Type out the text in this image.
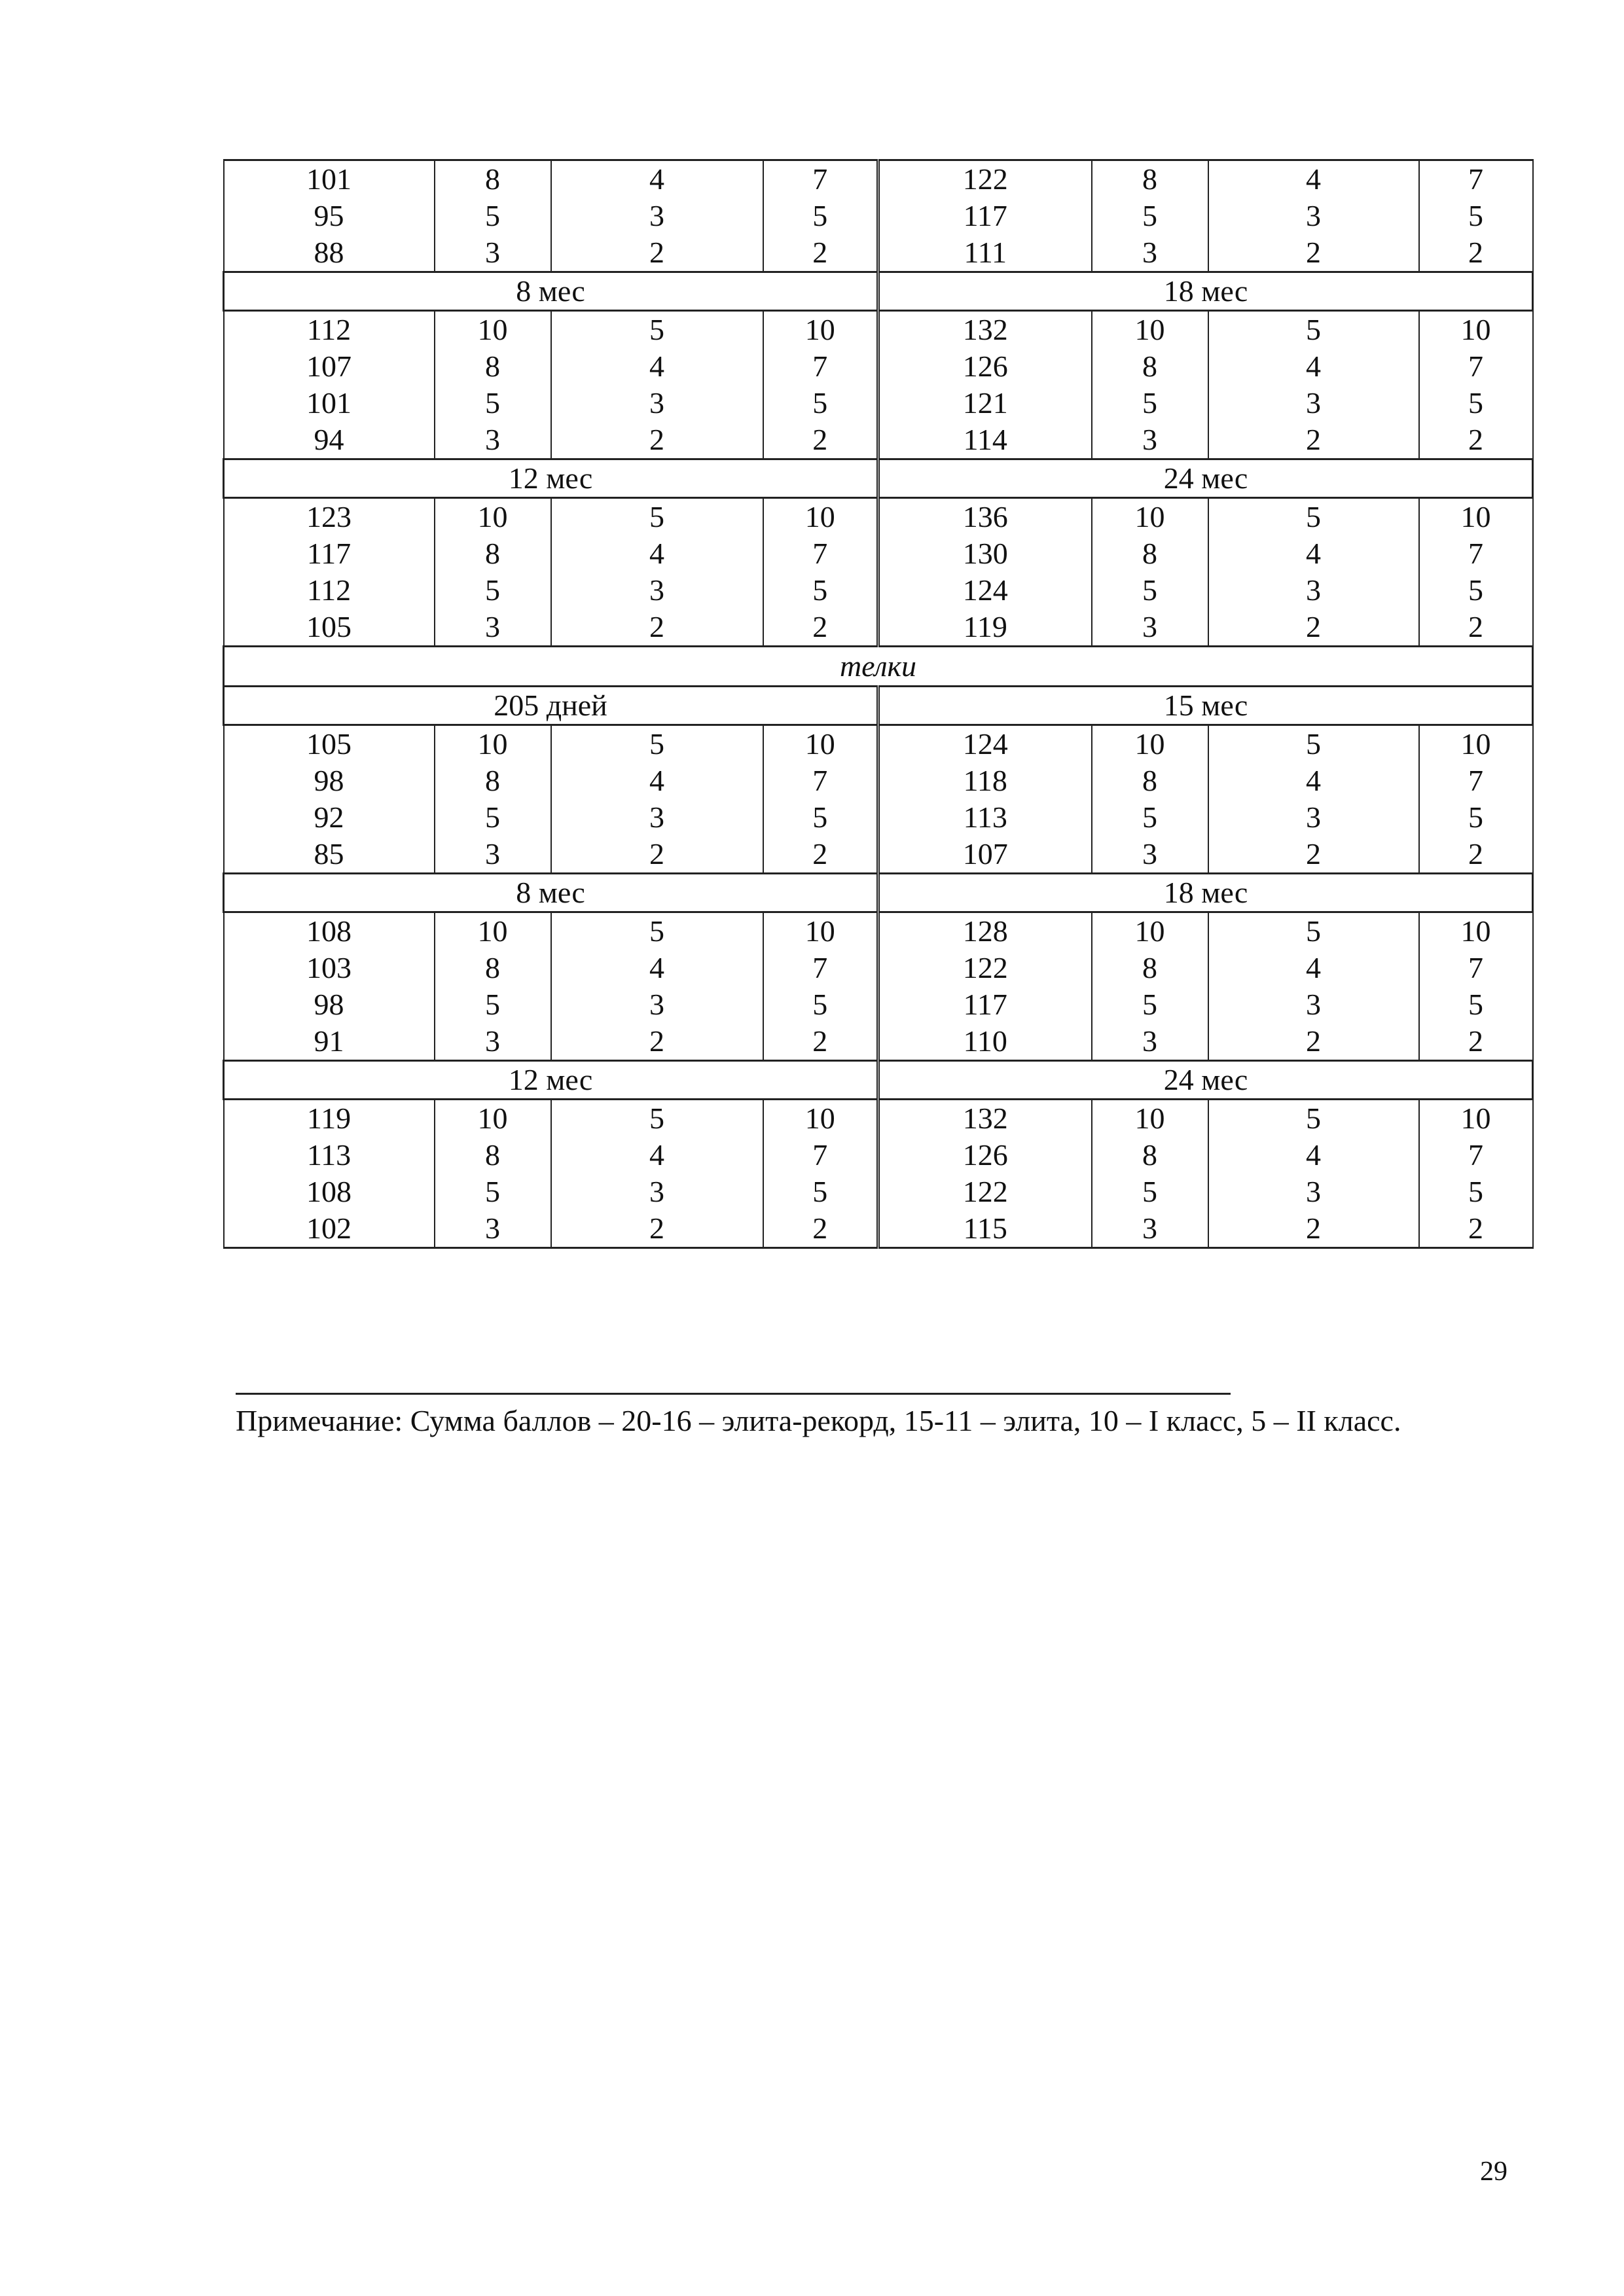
101	8	4	7	122	8	4	7
95	5	3	5	117	5	3	5
88	3	2	2	111	3	2	2
8 мес				18 мес			
112	10	5	10	132	10	5	10
107	8	4	7	126	8	4	7
101	5	3	5	121	5	3	5
94	3	2	2	114	3	2	2
12 мес				24 мес			
123	10	5	10	136	10	5	10
117	8	4	7	130	8	4	7
112	5	3	5	124	5	3	5
105	3	2	2	119	3	2	2
телки							
205 дней				15 мес			
105	10	5	10	124	10	5	10
98	8	4	7	118	8	4	7
92	5	3	5	113	5	3	5
85	3	2	2	107	3	2	2
8 мес				18 мес			
108	10	5	10	128	10	5	10
103	8	4	7	122	8	4	7
98	5	3	5	117	5	3	5
91	3	2	2	110	3	2	2
12 мес				24 мес			
119	10	5	10	132	10	5	10
113	8	4	7	126	8	4	7
108	5	3	5	122	5	3	5
102	3	2	2	115	3	2	2
Примечание: Сумма баллов – 20-16 – элита-рекорд, 15-11 – элита, 10 – I класс, 5 – II класс.
29
